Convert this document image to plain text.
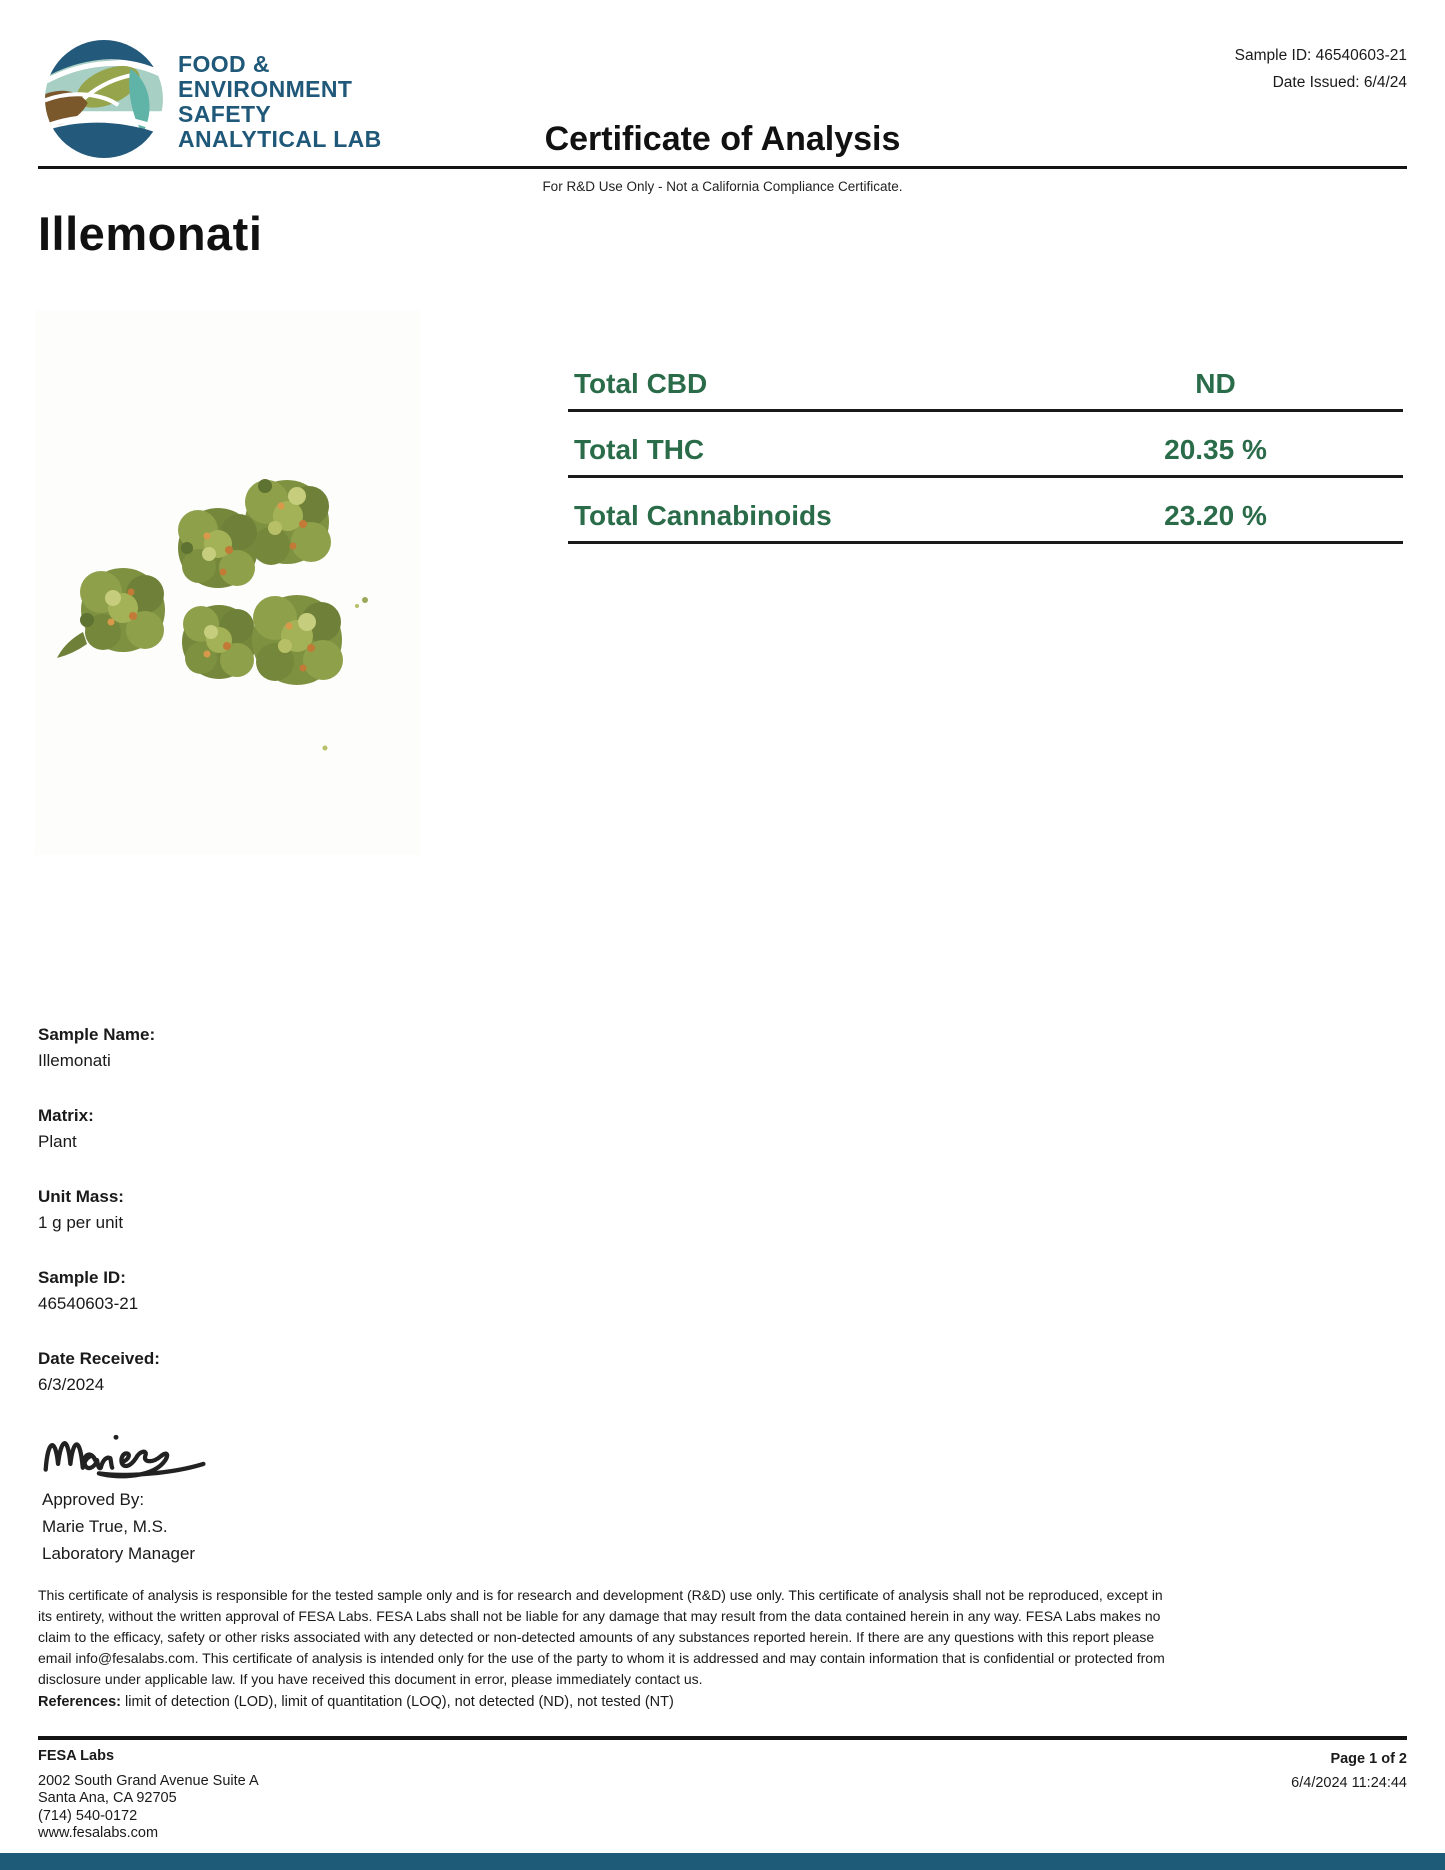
FOOD &
ENVIRONMENT
SAFETY
ANALYTICAL LAB
Sample ID: 46540603-21
Date Issued: 6/4/24
Certificate of Analysis
For R&D Use Only - Not a California Compliance Certificate.
Illemonati
Total CBD	ND
Total THC	20.35 %
Total Cannabinoids	23.20 %
Sample Name:
Illemonati
Matrix:
Plant
Unit Mass:
1 g per unit
Sample ID:
46540603-21
Date Received:
6/3/2024
Approved By:
Marie True, M.S.
Laboratory Manager
This certificate of analysis is responsible for the tested sample only and is for research and development (R&D) use only. This certificate of analysis shall not be reproduced, except in its entirety, without the written approval of FESA Labs. FESA Labs shall not be liable for any damage that may result from the data contained herein in any way. FESA Labs makes no claim to the efficacy, safety or other risks associated with any detected or non-detected amounts of any substances reported herein. If there are any questions with this report please email info@fesalabs.com. This certificate of analysis is intended only for the use of the party to whom it is addressed and may contain information that is confidential or protected from disclosure under applicable law. If you have received this document in error, please immediately contact us.
References: limit of detection (LOD), limit of quantitation (LOQ), not detected (ND), not tested (NT)
FESA Labs
2002 South Grand Avenue Suite A
Santa Ana, CA 92705
(714) 540-0172
www.fesalabs.com
Page 1 of 2
6/4/2024 11:24:44
